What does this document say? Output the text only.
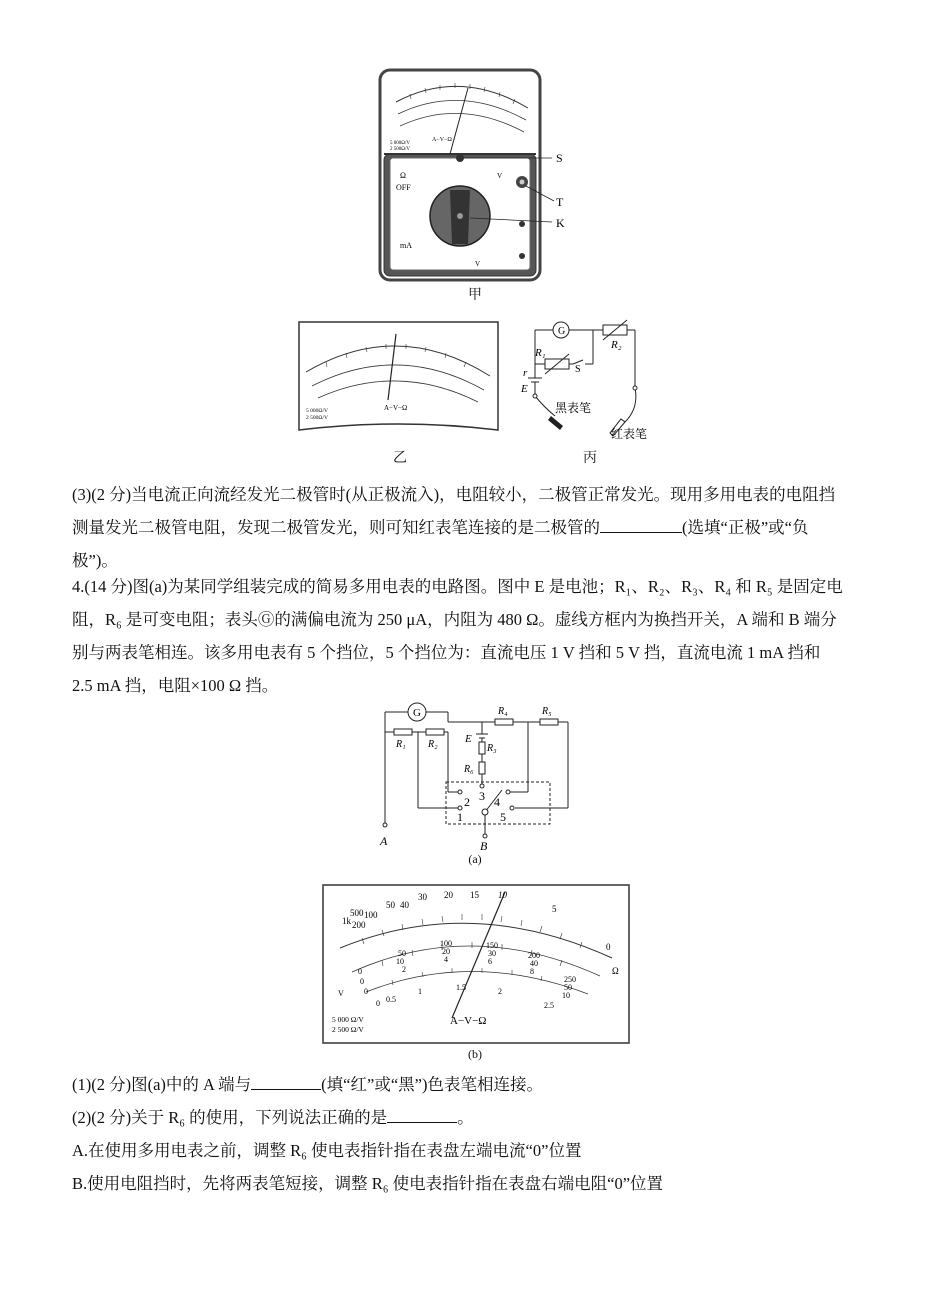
A−V−Ω
5 000Ω/V
2 500Ω/V
Ω
OFF
mA
V
V
S
T
K
甲
A−V−Ω
5 000Ω/V
2 500Ω/V
乙
G
R₁
R₂
r
E
S
黑表笔
红表笔
丙

(3)(2 分)当电流正向流经发光二极管时(从正极流入)，电阻较小，二极管正常发光。现用多用电表的电阻挡

测量发光二极管电阻，发现二极管发光，则可知红表笔连接的是二极管的	(选填“正极”或“负

极”)。

4.(14 分)图(a)为某同学组装完成的简易多用电表的电路图。图中 E 是电池；R₁、R₂、R₃、R₄ 和 R₅ 是固定电

阻，R₆ 是可变电阻；表头Ⓖ的满偏电流为 250 μA，内阻为 480 Ω。虚线方框内为换挡开关，A 端和 B 端分

别与两表笔相连。该多用电表有 5 个挡位，5 个挡位为：直流电压 1 V 挡和 5 V 挡，直流电流 1 mA 挡和

2.5 mA 挡，电阻×100 Ω 挡。

G
R₁ R₂
R₄	R₅
E
R₃
R₆
1
2 3 4
5
A	B
(a)
1k
500
200
100
50 40
30 20 15 10
5
0
Ω
100
50
10
20
4
2
150
30
6
200
40
8
250
50
10
0
0
0
0 0.5
1	1.5	2
2.5
V
A−V−Ω
5 000 Ω/V
2 500 Ω/V
(b)

(1)(2 分)图(a)中的 A 端与	(填“红”或“黑”)色表笔相连接。

(2)(2 分)关于 R₆ 的使用，下列说法正确的是	。

A.在使用多用电表之前，调整 R₆ 使电表指针指在表盘左端电流“0”位置

B.使用电阻挡时，先将两表笔短接，调整 R₆ 使电表指针指在表盘右端电阻“0”位置
